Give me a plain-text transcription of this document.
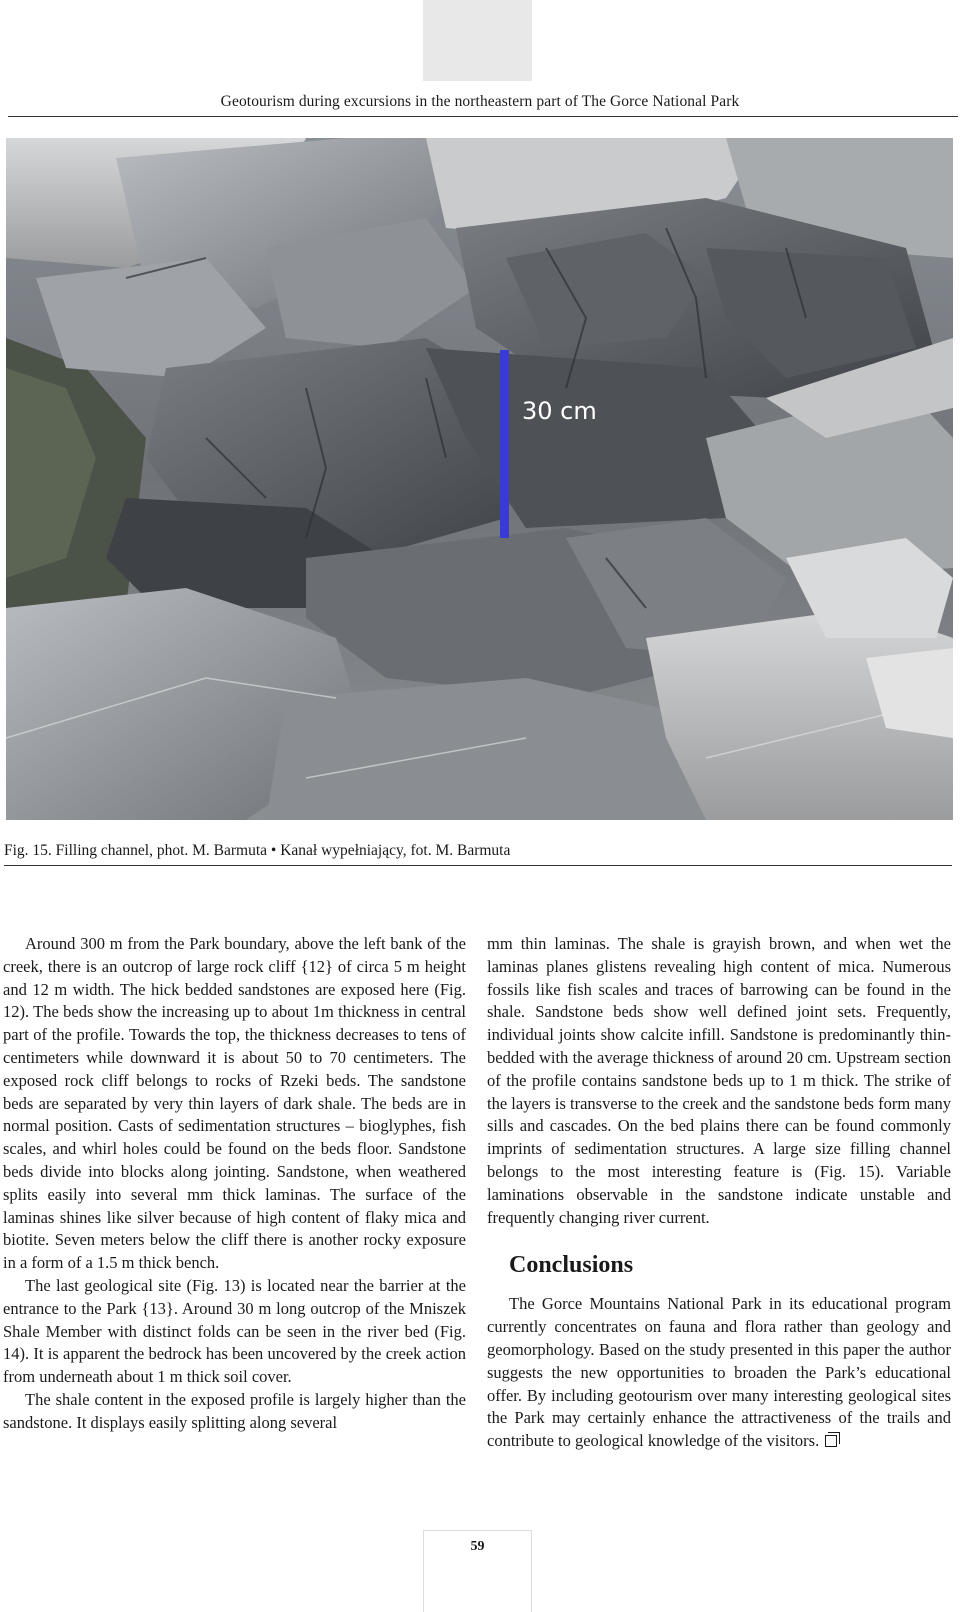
Geotourism during excursions in the northeastern part of The Gorce National Park
30 cm
Fig. 15. Filling channel, phot. M. Barmuta • Kanał wypełniający, fot. M. Barmuta

Around 300 m from the Park boundary, above the left bank of the creek, there is an outcrop of large rock cliff {12} of circa 5 m height and 12 m width. The hick bedded sandstones are exposed here (Fig. 12). The beds show the increasing up to about 1m thickness in central part of the profile. Towards the top, the thickness decreases to tens of centimeters while downward it is about 50 to 70 centimeters. The exposed rock cliff belongs to rocks of Rzeki beds. The sandstone beds are separated by very thin layers of dark shale. The beds are in normal position. Casts of sedimentation structures – bioglyphes, fish scales, and whirl holes could be found on the beds floor. Sandstone beds divide into blocks along jointing. Sandstone, when weathered splits easily into several mm thick laminas. The surface of the laminas shines like silver because of high content of flaky mica and biotite. Seven meters below the cliff there is another rocky exposure in a form of a 1.5 m thick bench.

The last geological site (Fig. 13) is located near the barrier at the entrance to the Park {13}. Around 30 m long outcrop of the Mniszek Shale Member with distinct folds can be seen in the river bed (Fig. 14). It is apparent the bedrock has been uncovered by the creek action from underneath about 1 m thick soil cover.

The shale content in the exposed profile is largely higher than the sandstone. It displays easily splitting along several

mm thin laminas. The shale is grayish brown, and when wet the laminas planes glistens revealing high content of mica. Numerous fossils like fish scales and traces of barrowing can be found in the shale. Sandstone beds show well defined joint sets. Frequently, individual joints show calcite infill. Sandstone is predominantly thin-bedded with the average thickness of around 20 cm. Upstream section of the profile contains sandstone beds up to 1 m thick. The strike of the layers is transverse to the creek and the sandstone beds form many sills and cascades. On the bed plains there can be found commonly imprints of sedimentation structures. A large size filling channel belongs to the most interesting feature is (Fig. 15). Variable laminations observable in the sandstone indicate unstable and frequently changing river current.

Conclusions

The Gorce Mountains National Park in its educational program currently concentrates on fauna and flora rather than geology and geomorphology. Based on the study presented in this paper the author suggests the new opportunities to broaden the Park’s educational offer. By including geotourism over many interesting geological sites the Park may certainly enhance the attractiveness of the trails and contribute to geological knowledge of the visitors.

59
